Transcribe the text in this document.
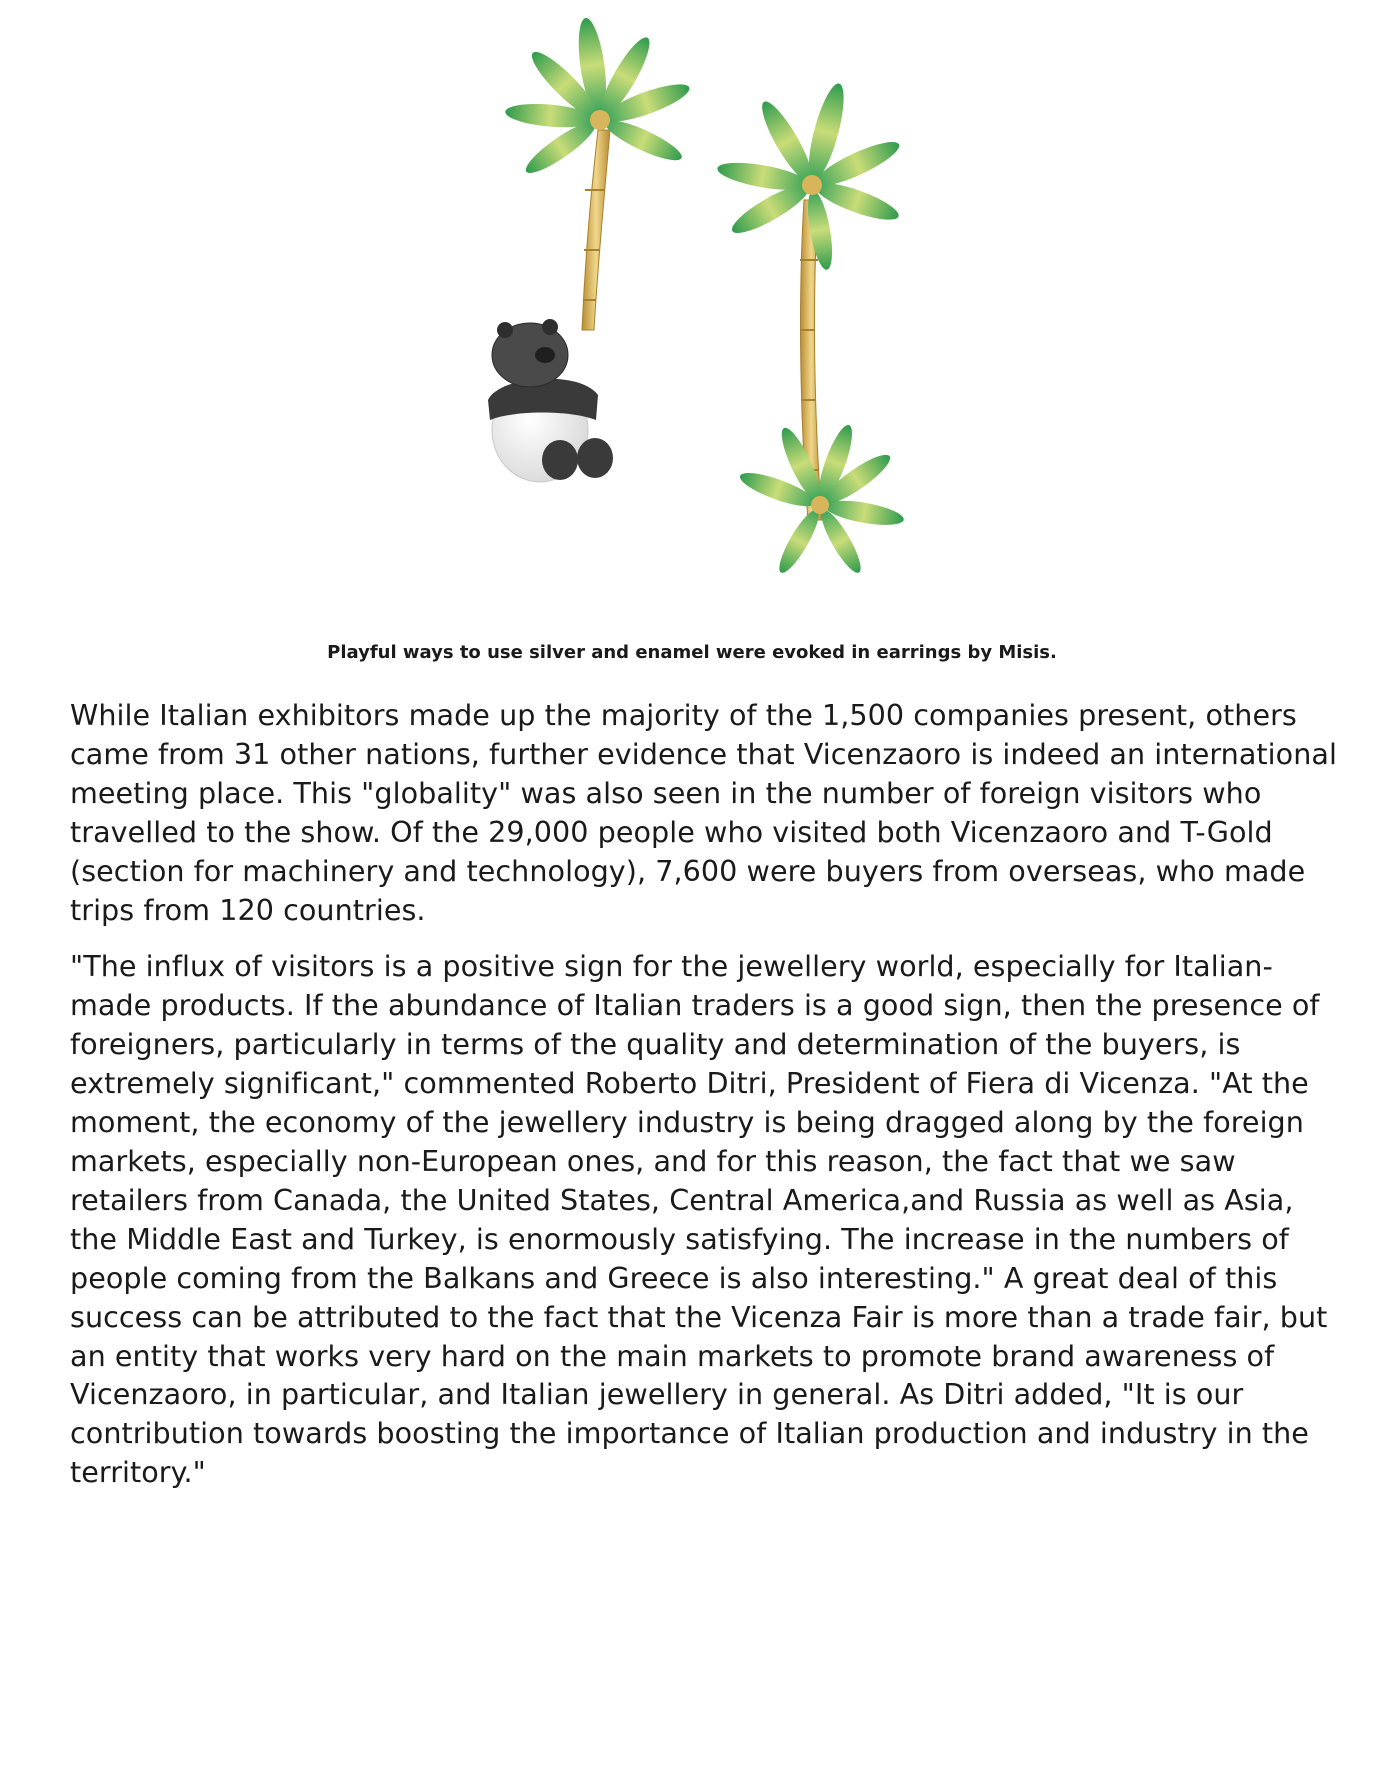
Playful ways to use silver and enamel were evoked in earrings by Misis.

While Italian exhibitors made up the majority of the 1,500 companies present, others came from 31 other nations, further evidence that Vicenzaoro is indeed an international meeting place. This "globality" was also seen in the number of foreign visitors who travelled to the show. Of the 29,000 people who visited both Vicenzaoro and T-Gold (section for machinery and technology), 7,600 were buyers from overseas, who made trips from 120 countries.

"The influx of visitors is a positive sign for the jewellery world, especially for Italian-made products. If the abundance of Italian traders is a good sign, then the presence of foreigners, particularly in terms of the quality and determination of the buyers, is extremely significant," commented Roberto Ditri, President of Fiera di Vicenza. "At the moment, the economy of the jewellery industry is being dragged along by the foreign markets, especially non-European ones, and for this reason, the fact that we saw retailers from Canada, the United States, Central America,and Russia as well as Asia, the Middle East and Turkey, is enormously satisfying. The increase in the numbers of people coming from the Balkans and Greece is also interesting." A great deal of this success can be attributed to the fact that the Vicenza Fair is more than a trade fair, but an entity that works very hard on the main markets to promote brand awareness of Vicenzaoro, in particular, and Italian jewellery in general. As Ditri added, "It is our contribution towards boosting the importance of Italian production and industry in the territory."
